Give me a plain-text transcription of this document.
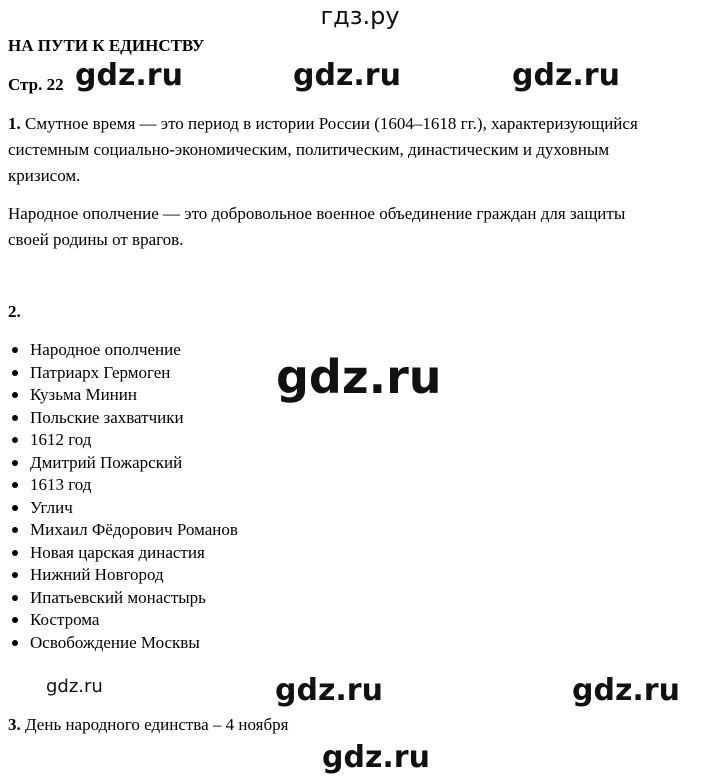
гдз.ру
НА ПУТИ К ЕДИНСТВУ
Стр. 22 gdz.ru	gdz.ru	gdz.ru
1. Смутное время — это период в истории России (1604–1618 гг.), характеризующийся
системным социально-экономическим, политическим, династическим и духовным
кризисом.
Народное ополчение — это добровольное военное объединение граждан для защиты
своей родины от врагов.
2.
Народное ополчение
Патриарх Гермоген
Кузьма Минин
Польские захватчики
1612 год
Дмитрий Пожарский
1613 год
Углич
Михаил Фёдорович Романов
Новая царская династия
Нижний Новгород
Ипатьевский монастырь
Кострома
Освобождение Москвы
gdz.ru
gdz.ru	gdz.ru	gdz.ru
3. День народного единства – 4 ноября
gdz.ru
